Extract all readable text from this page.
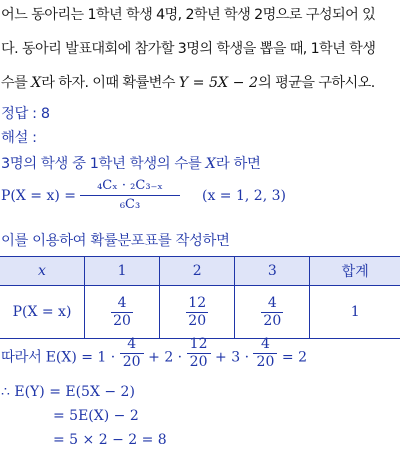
어느 동아리는 1학년 학생 4명, 2학년 학생 2명으로 구성되어 있
다. 동아리 발표대회에 참가할 3명의 학생을 뽑을 때, 1학년 학생
수를 X라 하자. 이때 확률변수 Y = 5X − 2의 평균을 구하시오.
정답 : 8
해설 :
3명의 학생 중 1학년 학생의 수를 X라 하면
P(X = x) =
₄Cₓ · ₂C₃₋ₓ
₆C₃
(x = 1, 2, 3)
이를 이용하여 확률분포표를 작성하면
x	1	2	3	합계
P(X = x)	$\frac{4}{20}$	$\frac{12}{20}$	$\frac{4}{20}$	1
따라서 $E(X) = 1 \cdot \frac{4}{20} + 2 \cdot \frac{12}{20} + 3 \cdot \frac{4}{20} = 2$
∴ E(Y) = E(5X − 2)
= 5E(X) − 2
= 5 × 2 − 2 = 8
